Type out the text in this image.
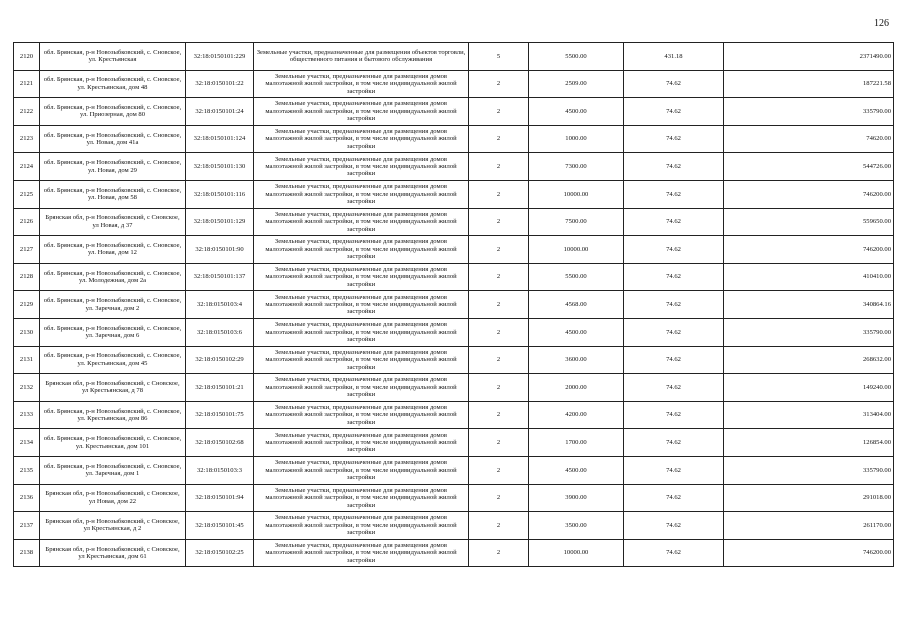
126
2120	обл. Брянская, р-н Новозыбковский, с. Сновское, ул. Крестьянская	32:18:0150101:229	Земельные участки, предназначенные для размещения объектов торговли, общественного питания и бытового обслуживания	5	5500.00	431.18	2371490.00
2121	обл. Брянская, р-н Новозыбковский, с. Сновское, ул. Крестьянская, дом 48	32:18:0150101:22	Земельные участки, предназначенные для размещения домов малоэтажной жилой застройки, в том числе индивидуальной жилой застройки	2	2509.00	74.62	187221.58
2122	обл. Брянская, р-н Новозыбковский, с. Сновское, ул. Приозерная, дом 80	32:18:0150101:24	Земельные участки, предназначенные для размещения домов малоэтажной жилой застройки, в том числе индивидуальной жилой застройки	2	4500.00	74.62	335790.00
2123	обл. Брянская, р-н Новозыбковский, с. Сновское, ул. Новая, дом 41а	32:18:0150101:124	Земельные участки, предназначенные для размещения домов малоэтажной жилой застройки, в том числе индивидуальной жилой застройки	2	1000.00	74.62	74620.00
2124	обл. Брянская, р-н Новозыбковский, с. Сновское, ул. Новая, дом 29	32:18:0150101:130	Земельные участки, предназначенные для размещения домов малоэтажной жилой застройки, в том числе индивидуальной жилой застройки	2	7300.00	74.62	544726.00
2125	обл. Брянская, р-н Новозыбковский, с. Сновское, ул. Новая, дом 58	32:18:0150101:116	Земельные участки, предназначенные для размещения домов малоэтажной жилой застройки, в том числе индивидуальной жилой застройки	2	10000.00	74.62	746200.00
2126	Брянская обл, р-н Новозыбковский, с Сновское, ул Новая, д 37	32:18:0150101:129	Земельные участки, предназначенные для размещения домов малоэтажной жилой застройки, в том числе индивидуальной жилой застройки	2	7500.00	74.62	559650.00
2127	обл. Брянская, р-н Новозыбковский, с. Сновское, ул. Новая, дом 12	32:18:0150101:90	Земельные участки, предназначенные для размещения домов малоэтажной жилой застройки, в том числе индивидуальной жилой застройки	2	10000.00	74.62	746200.00
2128	обл. Брянская, р-н Новозыбковский, с. Сновское, ул. Молодежная, дом 2а	32:18:0150101:137	Земельные участки, предназначенные для размещения домов малоэтажной жилой застройки, в том числе индивидуальной жилой застройки	2	5500.00	74.62	410410.00
2129	обл. Брянская, р-н Новозыбковский, с. Сновское, ул. Заречная, дом 2	32:18:0150103:4	Земельные участки, предназначенные для размещения домов малоэтажной жилой застройки, в том числе индивидуальной жилой застройки	2	4568.00	74.62	340864.16
2130	обл. Брянская, р-н Новозыбковский, с. Сновское, ул. Заречная, дом 6	32:18:0150103:6	Земельные участки, предназначенные для размещения домов малоэтажной жилой застройки, в том числе индивидуальной жилой застройки	2	4500.00	74.62	335790.00
2131	обл. Брянская, р-н Новозыбковский, с. Сновское, ул. Крестьянская, дом 45	32:18:0150102:29	Земельные участки, предназначенные для размещения домов малоэтажной жилой застройки, в том числе индивидуальной жилой застройки	2	3600.00	74.62	268632.00
2132	Брянская обл, р-н Новозыбковский, с Сновское, ул Крестьянская, д 78	32:18:0150101:21	Земельные участки, предназначенные для размещения домов малоэтажной жилой застройки, в том числе индивидуальной жилой застройки	2	2000.00	74.62	149240.00
2133	обл. Брянская, р-н Новозыбковский, с. Сновское, ул. Крестьянская, дом 86	32:18:0150101:75	Земельные участки, предназначенные для размещения домов малоэтажной жилой застройки, в том числе индивидуальной жилой застройки	2	4200.00	74.62	313404.00
2134	обл. Брянская, р-н Новозыбковский, с. Сновское, ул. Крестьянская, дом 101	32:18:0150102:68	Земельные участки, предназначенные для размещения домов малоэтажной жилой застройки, в том числе индивидуальной жилой застройки	2	1700.00	74.62	126854.00
2135	обл. Брянская, р-н Новозыбковский, с. Сновское, ул. Заречная, дом 1	32:18:0150103:3	Земельные участки, предназначенные для размещения домов малоэтажной жилой застройки, в том числе индивидуальной жилой застройки	2	4500.00	74.62	335790.00
2136	Брянская обл, р-н Новозыбковский, с Сновское, ул Новая, дом 22	32:18:0150101:94	Земельные участки, предназначенные для размещения домов малоэтажной жилой застройки, в том числе индивидуальной жилой застройки	2	3900.00	74.62	291018.00
2137	Брянская обл, р-н Новозыбковский, с Сновское, ул Крестьянская, д 2	32:18:0150101:45	Земельные участки, предназначенные для размещения домов малоэтажной жилой застройки, в том числе индивидуальной жилой застройки	2	3500.00	74.62	261170.00
2138	Брянская обл, р-н Новозыбковский, с Сновское, ул Крестьянская, дом 61	32:18:0150102:25	Земельные участки, предназначенные для размещения домов малоэтажной жилой застройки, в том числе индивидуальной жилой застройки	2	10000.00	74.62	746200.00
